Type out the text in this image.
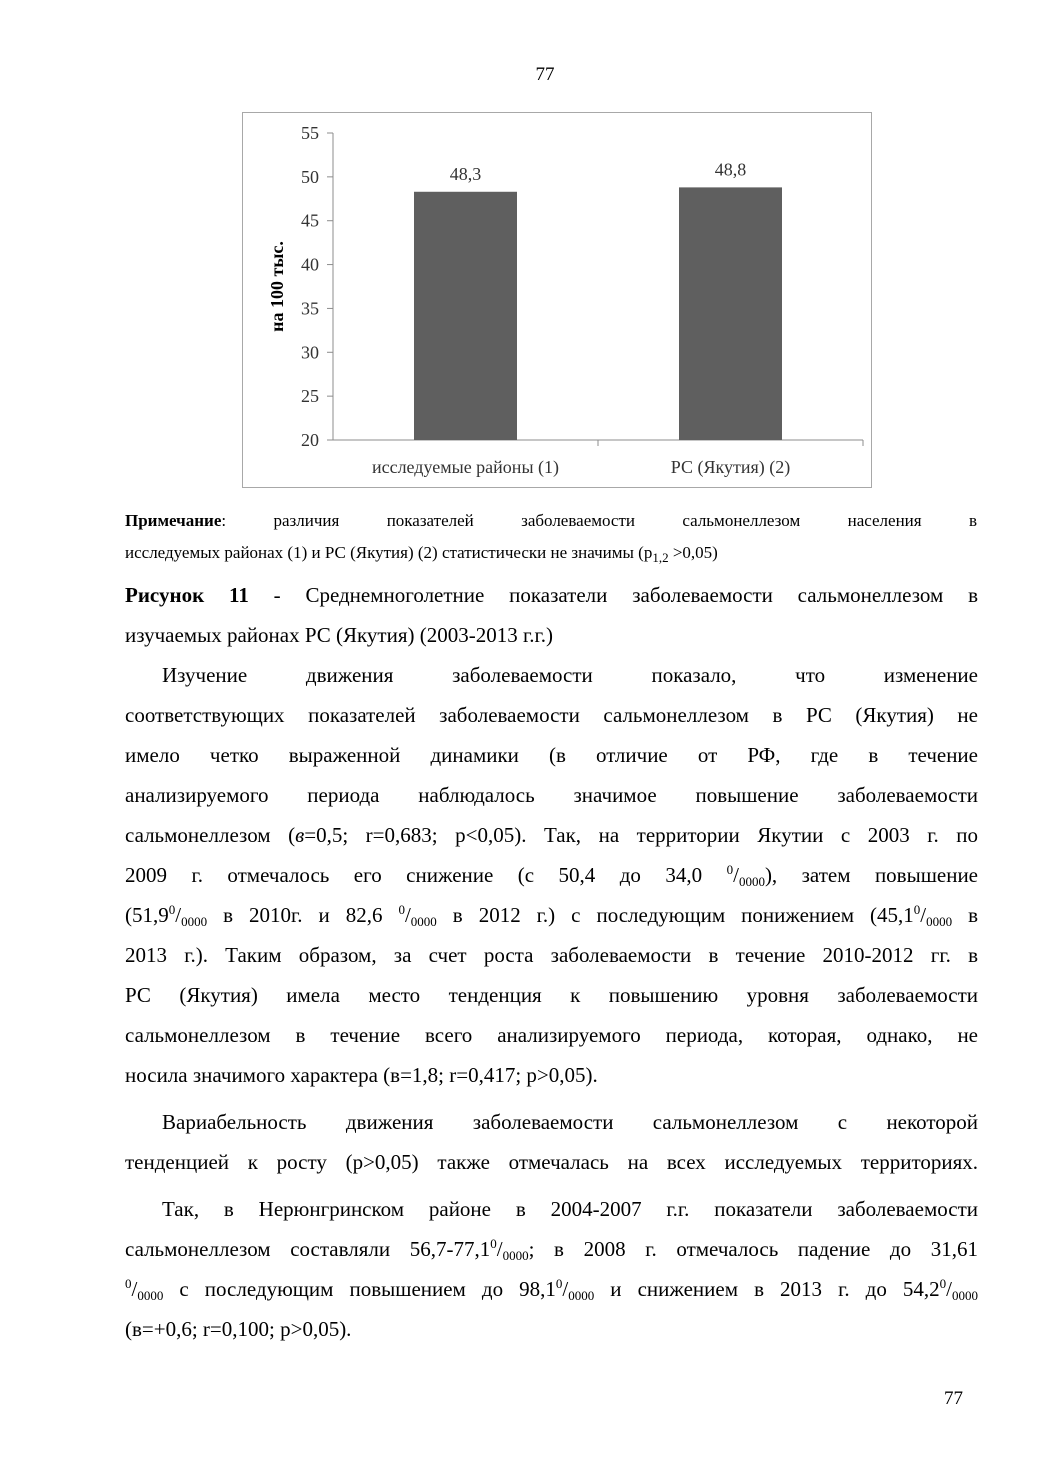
77
20
25
30
35
40
45
50
55
48,3
исследуемые районы (1)
48,8
РС (Якутия) (2)
на 100 тыс.
Примечание: различия показателей заболеваемости сальмонеллезом населения в
исследуемых районах (1) и РС (Якутия) (2) статистически не значимы $(p_{1,2} >0,05)$
Рисунок 11 - Среднемноголетние показатели заболеваемости сальмонеллезом в
изучаемых районах РС (Якутия) (2003-2013 г.г.)
Изучение движения заболеваемости показало, что изменение
соответствующих показателей заболеваемости сальмонеллезом в РС (Якутия) не
имело четко выраженной динамики (в отличие от РФ, где в течение
анализируемого периода наблюдалось значимое повышение заболеваемости
сальмонеллезом (в=0,5; r=0,683; p<0,05). Так, на территории Якутии с 2003 г. по
2009 г. отмечалось его снижение (с 50,4 до 34,0 $^0/_{0000}$), затем повышение
($51,9^0/_{0000}$ в 2010г. и 82,6 $^0/_{0000}$ в 2012 г.) с последующим понижением ($45,1^0/_{0000}$ в
2013 г.). Таким образом, за счет роста заболеваемости в течение 2010-2012 гг. в
РС (Якутия) имела место тенденция к повышению уровня заболеваемости
сальмонеллезом в течение всего анализируемого периода, которая, однако, не
носила значимого характера (в=1,8; r=0,417; p>0,05).
Вариабельность движения заболеваемости сальмонеллезом с некоторой
тенденцией к росту (p>0,05) также отмечалась на всех исследуемых территориях.
Так, в Нерюнгринском районе в 2004-2007 г.г. показатели заболеваемости
сальмонеллезом составляли $56,7-77,1^0/_{0000}$; в 2008 г. отмечалось падение до 31,61
$^0/_{0000}$ с последующим повышением до $98,1^0/_{0000}$ и снижением в 2013 г. до $54,2^0/_{0000}$
(в=+0,6; r=0,100; p>0,05).
77
